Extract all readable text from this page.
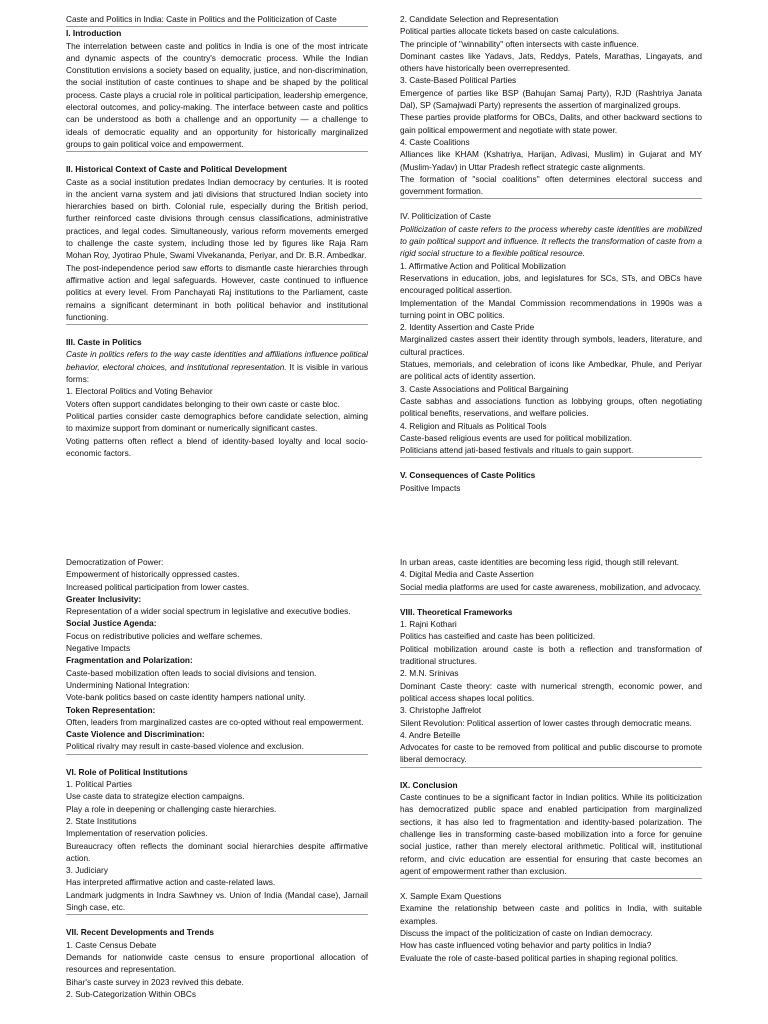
Caste and Politics in India: Caste in Politics and the Politicization of Caste

I. Introduction

The interrelation between caste and politics in India is one of the most intricate and dynamic aspects of the country's democratic process. While the Indian Constitution envisions a society based on equality, justice, and non-discrimination, the social institution of caste continues to shape and be shaped by the political process. Caste plays a crucial role in political participation, leadership emergence, electoral outcomes, and policy-making. The interface between caste and politics can be understood as both a challenge and an opportunity — a challenge to ideals of democratic equality and an opportunity for historically marginalized groups to gain political voice and empowerment.

II. Historical Context of Caste and Political Development

Caste as a social institution predates Indian democracy by centuries. It is rooted in the ancient varna system and jati divisions that structured Indian society into hierarchies based on birth. Colonial rule, especially during the British period, further reinforced caste divisions through census classifications, administrative practices, and legal codes. Simultaneously, various reform movements emerged to challenge the caste system, including those led by figures like Raja Ram Mohan Roy, Jyotirao Phule, Swami Vivekananda, Periyar, and Dr. B.R. Ambedkar.

The post-independence period saw efforts to dismantle caste hierarchies through affirmative action and legal safeguards. However, caste continued to influence politics at every level. From Panchayati Raj institutions to the Parliament, caste remains a significant determinant in both political behavior and institutional functioning.

III. Caste in Politics

Caste in politics refers to the way caste identities and affiliations influence political behavior, electoral choices, and institutional representation. It is visible in various forms:

1. Electoral Politics and Voting Behavior

Voters often support candidates belonging to their own caste or caste bloc.

Political parties consider caste demographics before candidate selection, aiming to maximize support from dominant or numerically significant castes.

Voting patterns often reflect a blend of identity-based loyalty and local socio-economic factors.

2. Candidate Selection and Representation

Political parties allocate tickets based on caste calculations.

The principle of "winnability" often intersects with caste influence.

Dominant castes like Yadavs, Jats, Reddys, Patels, Marathas, Lingayats, and others have historically been overrepresented.

3. Caste-Based Political Parties

Emergence of parties like BSP (Bahujan Samaj Party), RJD (Rashtriya Janata Dal), SP (Samajwadi Party) represents the assertion of marginalized groups.

These parties provide platforms for OBCs, Dalits, and other backward sections to gain political empowerment and negotiate with state power.

4. Caste Coalitions

Alliances like KHAM (Kshatriya, Harijan, Adivasi, Muslim) in Gujarat and MY (Muslim-Yadav) in Uttar Pradesh reflect strategic caste alignments.

The formation of "social coalitions" often determines electoral success and government formation.

IV. Politicization of Caste

Politicization of caste refers to the process whereby caste identities are mobilized to gain political support and influence. It reflects the transformation of caste from a rigid social structure to a flexible political resource.

1. Affirmative Action and Political Mobilization

Reservations in education, jobs, and legislatures for SCs, STs, and OBCs have encouraged political assertion.

Implementation of the Mandal Commission recommendations in 1990s was a turning point in OBC politics.

2. Identity Assertion and Caste Pride

Marginalized castes assert their identity through symbols, leaders, literature, and cultural practices.

Statues, memorials, and celebration of icons like Ambedkar, Phule, and Periyar are political acts of identity assertion.

3. Caste Associations and Political Bargaining

Caste sabhas and associations function as lobbying groups, often negotiating political benefits, reservations, and welfare policies.

4. Religion and Rituals as Political Tools

Caste-based religious events are used for political mobilization.

Politicians attend jati-based festivals and rituals to gain support.

V. Consequences of Caste Politics

Positive Impacts

Democratization of Power:

Empowerment of historically oppressed castes.

Increased political participation from lower castes.

Greater Inclusivity:

Representation of a wider social spectrum in legislative and executive bodies.

Social Justice Agenda:

Focus on redistributive policies and welfare schemes.

Negative Impacts

Fragmentation and Polarization:

Caste-based mobilization often leads to social divisions and tension.

Undermining National Integration:

Vote-bank politics based on caste identity hampers national unity.

Token Representation:

Often, leaders from marginalized castes are co-opted without real empowerment.

Caste Violence and Discrimination:

Political rivalry may result in caste-based violence and exclusion.

VI. Role of Political Institutions

1. Political Parties

Use caste data to strategize election campaigns.

Play a role in deepening or challenging caste hierarchies.

2. State Institutions

Implementation of reservation policies.

Bureaucracy often reflects the dominant social hierarchies despite affirmative action.

3. Judiciary

Has interpreted affirmative action and caste-related laws.

Landmark judgments in Indra Sawhney vs. Union of India (Mandal case), Jarnail Singh case, etc.

VII. Recent Developments and Trends

1. Caste Census Debate

Demands for nationwide caste census to ensure proportional allocation of resources and representation.

Bihar's caste survey in 2023 revived this debate.

2. Sub-Categorization Within OBCs

In urban areas, caste identities are becoming less rigid, though still relevant.

4. Digital Media and Caste Assertion

Social media platforms are used for caste awareness, mobilization, and advocacy.

VIII. Theoretical Frameworks

1. Rajni Kothari

Politics has casteified and caste has been politicized.

Political mobilization around caste is both a reflection and transformation of traditional structures.

2. M.N. Srinivas

Dominant Caste theory: caste with numerical strength, economic power, and political access shapes local politics.

3. Christophe Jaffrelot

Silent Revolution: Political assertion of lower castes through democratic means.

4. Andre Beteille

Advocates for caste to be removed from political and public discourse to promote liberal democracy.

IX. Conclusion

Caste continues to be a significant factor in Indian politics. While its politicization has democratized public space and enabled participation from marginalized sections, it has also led to fragmentation and identity-based polarization. The challenge lies in transforming caste-based mobilization into a force for genuine social justice, rather than merely electoral arithmetic. Political will, institutional reform, and civic education are essential for ensuring that caste becomes an agent of empowerment rather than exclusion.

X. Sample Exam Questions

Examine the relationship between caste and politics in India, with suitable examples.

Discuss the impact of the politicization of caste on Indian democracy.

How has caste influenced voting behavior and party politics in India?

Evaluate the role of caste-based political parties in shaping regional politics.
